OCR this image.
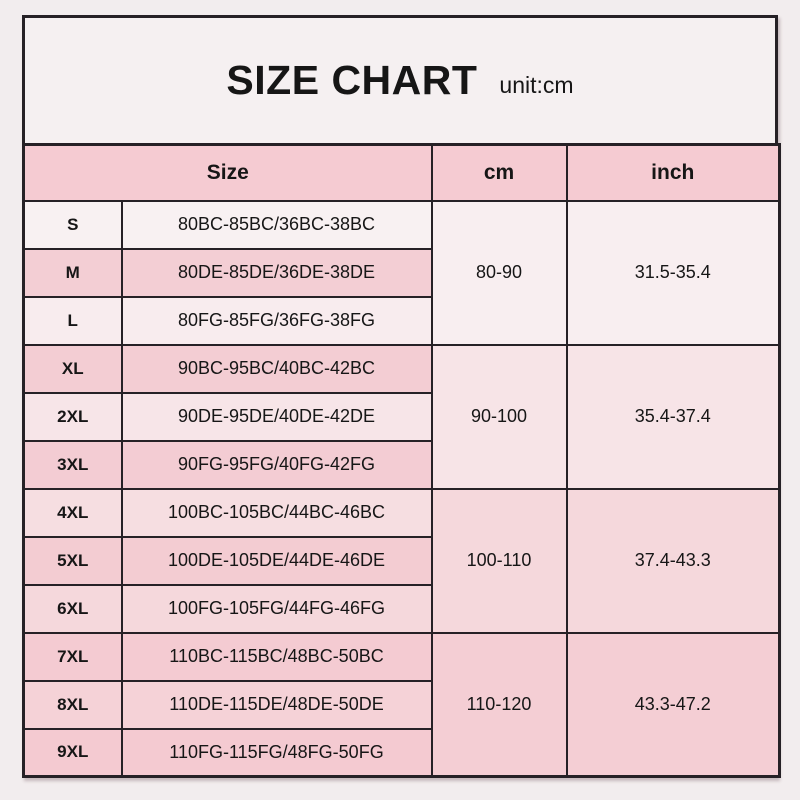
SIZE CHART unit:cm
Size		cm	inch
S	80BC-85BC/36BC-38BC	80-90	31.5-35.4
M	80DE-85DE/36DE-38DE		
L	80FG-85FG/36FG-38FG		
XL	90BC-95BC/40BC-42BC	90-100	35.4-37.4
2XL	90DE-95DE/40DE-42DE		
3XL	90FG-95FG/40FG-42FG		
4XL	100BC-105BC/44BC-46BC	100-110	37.4-43.3
5XL	100DE-105DE/44DE-46DE		
6XL	100FG-105FG/44FG-46FG		
7XL	110BC-115BC/48BC-50BC	110-120	43.3-47.2
8XL	110DE-115DE/48DE-50DE		
9XL	110FG-115FG/48FG-50FG		
